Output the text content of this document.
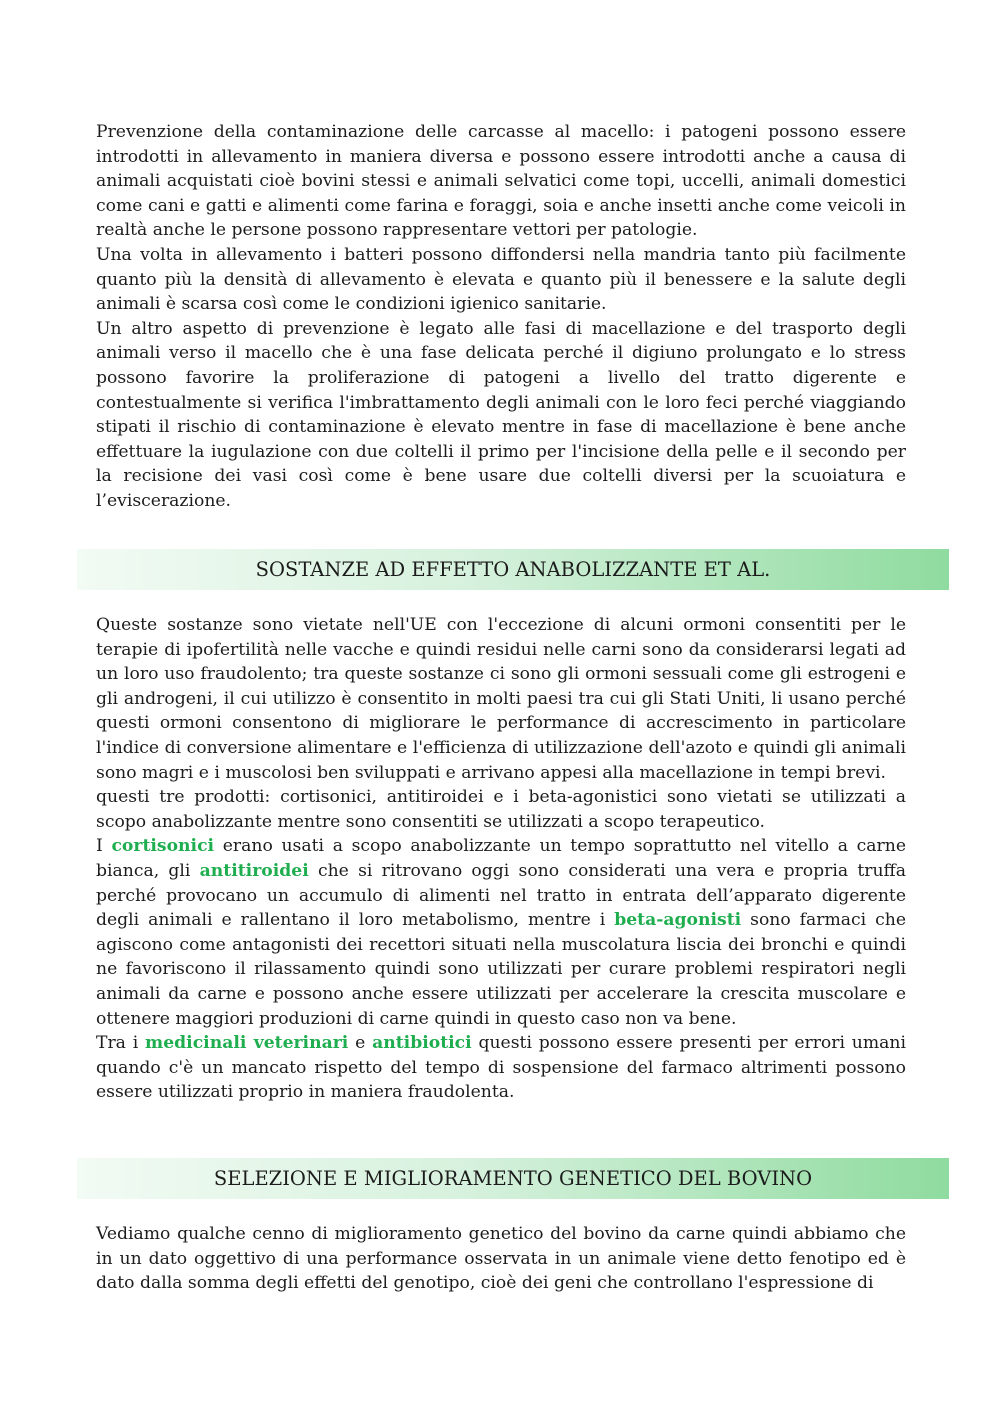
Prevenzione della contaminazione delle carcasse al macello: i patogeni possono essere introdotti in allevamento in maniera diversa e possono essere introdotti anche a causa di animali acquistati cioè bovini stessi e animali selvatici come topi, uccelli, animali domestici come cani e gatti e alimenti come farina e foraggi, soia e anche insetti anche come veicoli in realtà anche le persone possono rappresentare vettori per patologie.

Una volta in allevamento i batteri possono diffondersi nella mandria tanto più facilmente quanto più la densità di allevamento è elevata e quanto più il benessere e la salute degli animali è scarsa così come le condizioni igienico sanitarie.

Un altro aspetto di prevenzione è legato alle fasi di macellazione e del trasporto degli animali verso il macello che è una fase delicata perché il digiuno prolungato e lo stress possono favorire la proliferazione di patogeni a livello del tratto digerente e contestualmente si verifica l'imbrattamento degli animali con le loro feci perché viaggiando stipati il rischio di contaminazione è elevato mentre in fase di macellazione è bene anche effettuare la iugulazione con due coltelli il primo per l'incisione della pelle e il secondo per la recisione dei vasi così come è bene usare due coltelli diversi per la scuoiatura e l’eviscerazione.

SOSTANZE AD EFFETTO ANABOLIZZANTE ET AL.

Queste sostanze sono vietate nell'UE con l'eccezione di alcuni ormoni consentiti per le terapie di ipofertilità nelle vacche e quindi residui nelle carni sono da considerarsi legati ad un loro uso fraudolento; tra queste sostanze ci sono gli ormoni sessuali come gli estrogeni e gli androgeni, il cui utilizzo è consentito in molti paesi tra cui gli Stati Uniti, li usano perché questi ormoni consentono di migliorare le performance di accrescimento in particolare l'indice di conversione alimentare e l'efficienza di utilizzazione dell'azoto e quindi gli animali sono magri e i muscolosi ben sviluppati e arrivano appesi alla macellazione in tempi brevi.

questi tre prodotti: cortisonici, antitiroidei e i beta-agonistici sono vietati se utilizzati a scopo anabolizzante mentre sono consentiti se utilizzati a scopo terapeutico.

I cortisonici erano usati a scopo anabolizzante un tempo soprattutto nel vitello a carne bianca, gli antitiroidei che si ritrovano oggi sono considerati una vera e propria truffa perché provocano un accumulo di alimenti nel tratto in entrata dell’apparato digerente degli animali e rallentano il loro metabolismo, mentre i beta-agonisti sono farmaci che agiscono come antagonisti dei recettori situati nella muscolatura liscia dei bronchi e quindi ne favoriscono il rilassamento quindi sono utilizzati per curare problemi respiratori negli animali da carne e possono anche essere utilizzati per accelerare la crescita muscolare e ottenere maggiori produzioni di carne quindi in questo caso non va bene.

Tra i medicinali veterinari e antibiotici questi possono essere presenti per errori umani quando c'è un mancato rispetto del tempo di sospensione del farmaco altrimenti possono essere utilizzati proprio in maniera fraudolenta.

SELEZIONE E MIGLIORAMENTO GENETICO DEL BOVINO

Vediamo qualche cenno di miglioramento genetico del bovino da carne quindi abbiamo che in un dato oggettivo di una performance osservata in un animale viene detto fenotipo ed è dato dalla somma degli effetti del genotipo, cioè dei geni che controllano l'espressione di
